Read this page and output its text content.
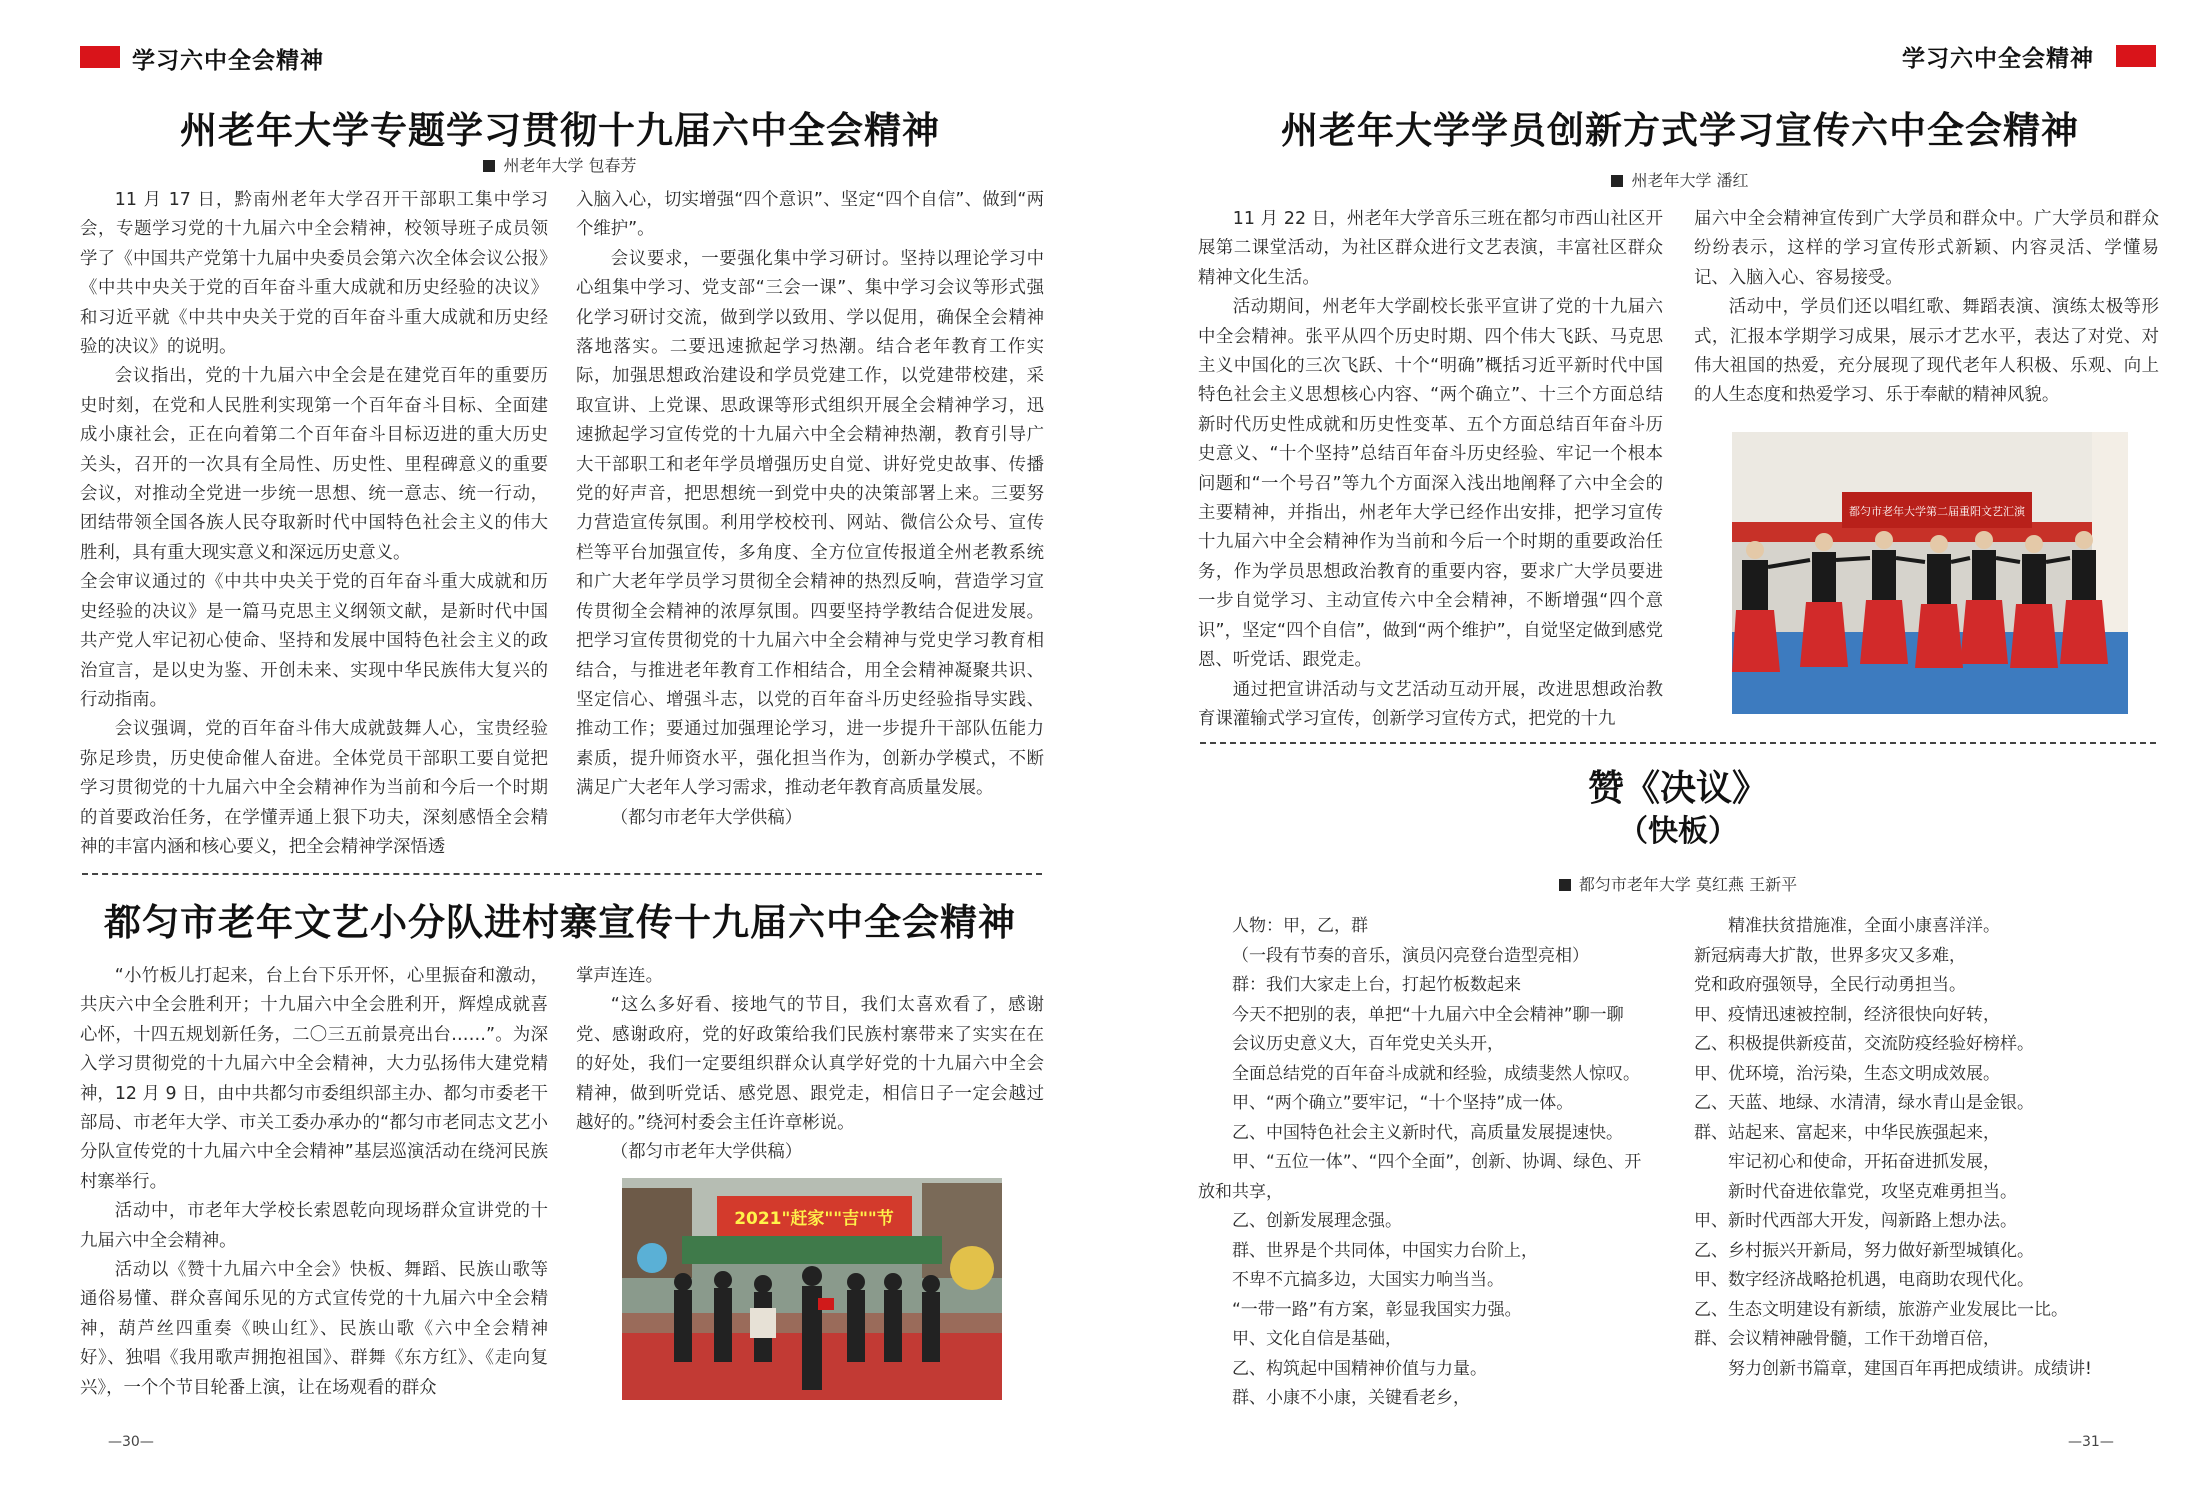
学习六中全会精神	学习六中全会精神
州老年大学专题学习贯彻十九届六中全会精神
州老年大学 包春芳

11 月 17 日，黔南州老年大学召开干部职工集中学习会，专题学习党的十九届六中全会精神，校领导班子成员领学了《中国共产党第十九届中央委员会第六次全体会议公报》《中共中央关于党的百年奋斗重大成就和历史经验的决议》和习近平就《中共中央关于党的百年奋斗重大成就和历史经验的决议》的说明。

会议指出，党的十九届六中全会是在建党百年的重要历史时刻，在党和人民胜利实现第一个百年奋斗目标、全面建成小康社会，正在向着第二个百年奋斗目标迈进的重大历史关头，召开的一次具有全局性、历史性、里程碑意义的重要会议，对推动全党进一步统一思想、统一意志、统一行动，团结带领全国各族人民夺取新时代中国特色社会主义的伟大胜利，具有重大现实意义和深远历史意义。

全会审议通过的《中共中央关于党的百年奋斗重大成就和历史经验的决议》是一篇马克思主义纲领文献，是新时代中国共产党人牢记初心使命、坚持和发展中国特色社会主义的政治宣言，是以史为鉴、开创未来、实现中华民族伟大复兴的行动指南。

会议强调，党的百年奋斗伟大成就鼓舞人心，宝贵经验弥足珍贵，历史使命催人奋进。全体党员干部职工要自觉把学习贯彻党的十九届六中全会精神作为当前和今后一个时期的首要政治任务，在学懂弄通上狠下功夫，深刻感悟全会精神的丰富内涵和核心要义，把全会精神学深悟透

入脑入心，切实增强“四个意识”、坚定“四个自信”、做到“两个维护”。

会议要求，一要强化集中学习研讨。坚持以理论学习中心组集中学习、党支部“三会一课”、集中学习会议等形式强化学习研讨交流，做到学以致用、学以促用，确保全会精神落地落实。二要迅速掀起学习热潮。结合老年教育工作实际，加强思想政治建设和学员党建工作，以党建带校建，采取宣讲、上党课、思政课等形式组织开展全会精神学习，迅速掀起学习宣传党的十九届六中全会精神热潮，教育引导广大干部职工和老年学员增强历史自觉、讲好党史故事、传播党的好声音，把思想统一到党中央的决策部署上来。三要努力营造宣传氛围。利用学校校刊、网站、微信公众号、宣传栏等平台加强宣传，多角度、全方位宣传报道全州老教系统和广大老年学员学习贯彻全会精神的热烈反响，营造学习宣传贯彻全会精神的浓厚氛围。四要坚持学教结合促进发展。把学习宣传贯彻党的十九届六中全会精神与党史学习教育相结合，与推进老年教育工作相结合，用全会精神凝聚共识、坚定信心、增强斗志，以党的百年奋斗历史经验指导实践、推动工作；要通过加强理论学习，进一步提升干部队伍能力素质，提升师资水平，强化担当作为，创新办学模式，不断满足广大老年人学习需求，推动老年教育高质量发展。

（都匀市老年大学供稿）

都匀市老年文艺小分队进村寨宣传十九届六中全会精神

“小竹板儿打起来，台上台下乐开怀，心里振奋和激动，共庆六中全会胜利开；十九届六中全会胜利开，辉煌成就喜心怀，十四五规划新任务，二〇三五前景亮出台……”。为深入学习贯彻党的十九届六中全会精神，大力弘扬伟大建党精神，12 月 9 日，由中共都匀市委组织部主办、都匀市委老干部局、市老年大学、市关工委办承办的“都匀市老同志文艺小分队宣传党的十九届六中全会精神”基层巡演活动在绕河民族村寨举行。

活动中，市老年大学校长索恩乾向现场群众宣讲党的十九届六中全会精神。

活动以《赞十九届六中全会》快板、舞蹈、民族山歌等通俗易懂、群众喜闻乐见的方式宣传党的十九届六中全会精神，葫芦丝四重奏《映山红》、民族山歌《六中全会精神好》、独唱《我用歌声拥抱祖国》、群舞《东方红》、《走向复兴》，一个个节目轮番上演，让在场观看的群众

掌声连连。

“这么多好看、接地气的节目，我们太喜欢看了，感谢党、感谢政府，党的好政策给我们民族村寨带来了实实在在的好处，我们一定要组织群众认真学好党的十九届六中全会精神，做到听党话、感党恩、跟党走，相信日子一定会越过越好的。”绕河村委会主任许章彬说。

（都匀市老年大学供稿）

2021"赶家""吉""节
州老年大学学员创新方式学习宣传六中全会精神
州老年大学 潘红

11 月 22 日，州老年大学音乐三班在都匀市西山社区开展第二课堂活动，为社区群众进行文艺表演，丰富社区群众精神文化生活。

活动期间，州老年大学副校长张平宣讲了党的十九届六中全会精神。张平从四个历史时期、四个伟大飞跃、马克思主义中国化的三次飞跃、十个“明确”概括习近平新时代中国特色社会主义思想核心内容、“两个确立”、十三个方面总结新时代历史性成就和历史性变革、五个方面总结百年奋斗历史意义、“十个坚持”总结百年奋斗历史经验、牢记一个根本问题和“一个号召”等九个方面深入浅出地阐释了六中全会的主要精神，并指出，州老年大学已经作出安排，把学习宣传十九届六中全会精神作为当前和今后一个时期的重要政治任务，作为学员思想政治教育的重要内容，要求广大学员要进一步自觉学习、主动宣传六中全会精神，不断增强“四个意识”，坚定“四个自信”，做到“两个维护”，自觉坚定做到感党恩、听党话、跟党走。

通过把宣讲活动与文艺活动互动开展，改进思想政治教育课灌输式学习宣传，创新学习宣传方式，把党的十九

届六中全会精神宣传到广大学员和群众中。广大学员和群众纷纷表示，这样的学习宣传形式新颖、内容灵活、学懂易记、入脑入心、容易接受。

活动中，学员们还以唱红歌、舞蹈表演、演练太极等形式，汇报本学期学习成果，展示才艺水平，表达了对党、对伟大祖国的热爱，充分展现了现代老年人积极、乐观、向上的人生态度和热爱学习、乐于奉献的精神风貌。

都匀市老年大学第二届重阳文艺汇演
赞《决议》
（快板）
都匀市老年大学 莫红燕 王新平
人物：甲，乙，群
（一段有节奏的音乐，演员闪亮登台造型亮相）
群：我们大家走上台，打起竹板数起来
今天不把别的表，单把“十九届六中全会精神”聊一聊
会议历史意义大，百年党史关头开，
全面总结党的百年奋斗成就和经验，成绩斐然人惊叹。
甲、“两个确立”要牢记，“十个坚持”成一体。
乙、中国特色社会主义新时代，高质量发展提速快。
甲、“五位一体”、“四个全面”，创新、协调、绿色、开
放和共享，
乙、创新发展理念强。
群、世界是个共同体，中国实力台阶上，
不卑不亢搞多边，大国实力响当当。
“一带一路”有方案，彰显我国实力强。
甲、文化自信是基础，
乙、构筑起中国精神价值与力量。
群、小康不小康，关键看老乡，
精准扶贫措施准，全面小康喜洋洋。
新冠病毒大扩散，世界多灾又多难，
党和政府强领导，全民行动勇担当。
甲、疫情迅速被控制，经济很快向好转，
乙、积极提供新疫苗，交流防疫经验好榜样。
甲、优环境，治污染，生态文明成效展。
乙、天蓝、地绿、水清清，绿水青山是金银。
群、站起来、富起来，中华民族强起来，
牢记初心和使命，开拓奋进抓发展，
新时代奋进依靠党，攻坚克难勇担当。
甲、新时代西部大开发，闯新路上想办法。
乙、乡村振兴开新局，努力做好新型城镇化。
甲、数字经济战略抢机遇，电商助农现代化。
乙、生态文明建设有新绩，旅游产业发展比一比。
群、会议精神融骨髓，工作干劲增百倍，
努力创新书篇章，建国百年再把成绩讲。成绩讲!
—30—	—31—
